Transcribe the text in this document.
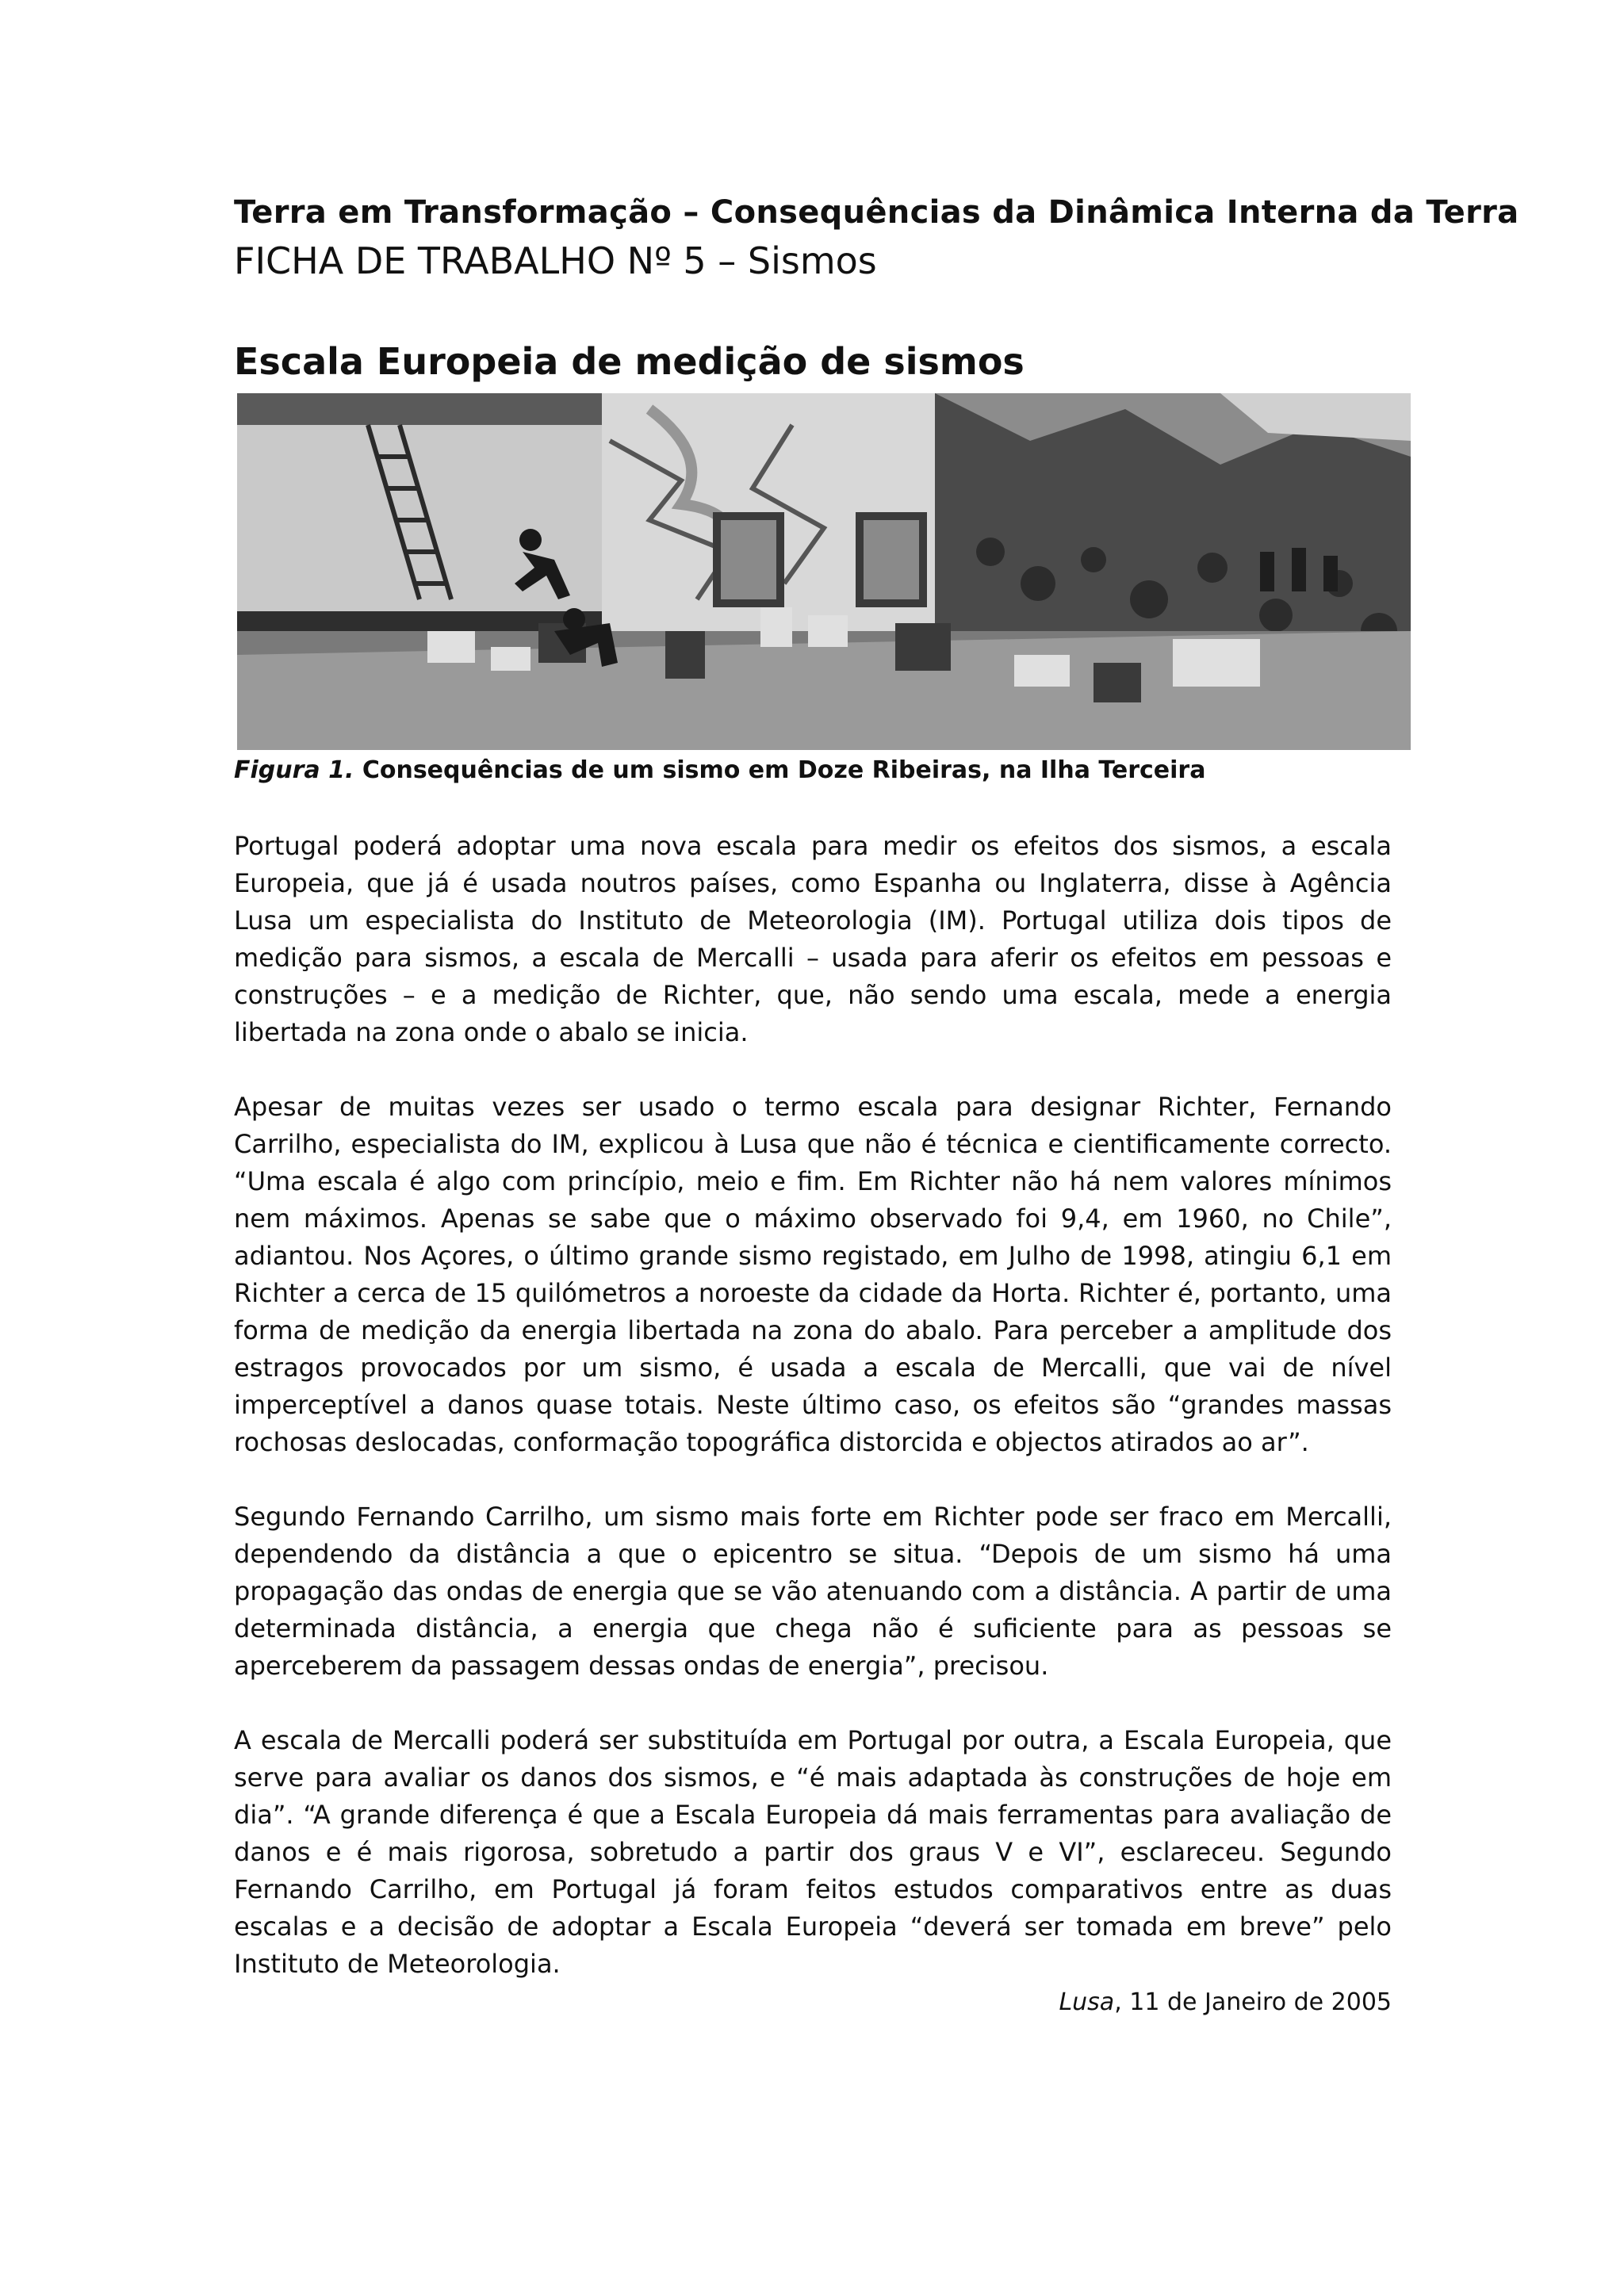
Terra em Transformação – Consequências da Dinâmica Interna da Terra

FICHA DE TRABALHO Nº 5 – Sismos
Escala Europeia de medição de sismos
Figura 1. Consequências de um sismo em Doze Ribeiras, na Ilha Terceira

Portugal poderá adoptar uma nova escala para medir os efeitos dos sismos, a escala Europeia, que já é usada noutros países, como Espanha ou Inglaterra, disse à Agência Lusa um especialista do Instituto de Meteorologia (IM). Portugal utiliza dois tipos de medição para sismos, a escala de Mercalli – usada para aferir os efeitos em pessoas e construções – e a medição de Richter, que, não sendo uma escala, mede a energia libertada na zona onde o abalo se inicia.

Apesar de muitas vezes ser usado o termo escala para designar Richter, Fernando Carrilho, especialista do IM, explicou à Lusa que não é técnica e cientificamente correcto. “Uma escala é algo com princípio, meio e fim. Em Richter não há nem valores mínimos nem máximos. Apenas se sabe que o máximo observado foi 9,4, em 1960, no Chile”, adiantou. Nos Açores, o último grande sismo registado, em Julho de 1998, atingiu 6,1 em Richter a cerca de 15 quilómetros a noroeste da cidade da Horta. Richter é, portanto, uma forma de medição da energia libertada na zona do abalo. Para perceber a amplitude dos estragos provocados por um sismo, é usada a escala de Mercalli, que vai de nível imperceptível a danos quase totais. Neste último caso, os efeitos são “grandes massas rochosas deslocadas, conformação topográfica distorcida e objectos atirados ao ar”.

Segundo Fernando Carrilho, um sismo mais forte em Richter pode ser fraco em Mercalli, dependendo da distância a que o epicentro se situa. “Depois de um sismo há uma propagação das ondas de energia que se vão atenuando com a distância. A partir de uma determinada distância, a energia que chega não é suficiente para as pessoas se aperceberem da passagem dessas ondas de energia”, precisou.

A escala de Mercalli poderá ser substituída em Portugal por outra, a Escala Europeia, que serve para avaliar os danos dos sismos, e “é mais adaptada às construções de hoje em dia”. “A grande diferença é que a Escala Europeia dá mais ferramentas para avaliação de danos e é mais rigorosa, sobretudo a partir dos graus V e VI”, esclareceu. Segundo Fernando Carrilho, em Portugal já foram feitos estudos comparativos entre as duas escalas e a decisão de adoptar a Escala Europeia “deverá ser tomada em breve” pelo Instituto de Meteorologia.

Lusa, 11 de Janeiro de 2005
